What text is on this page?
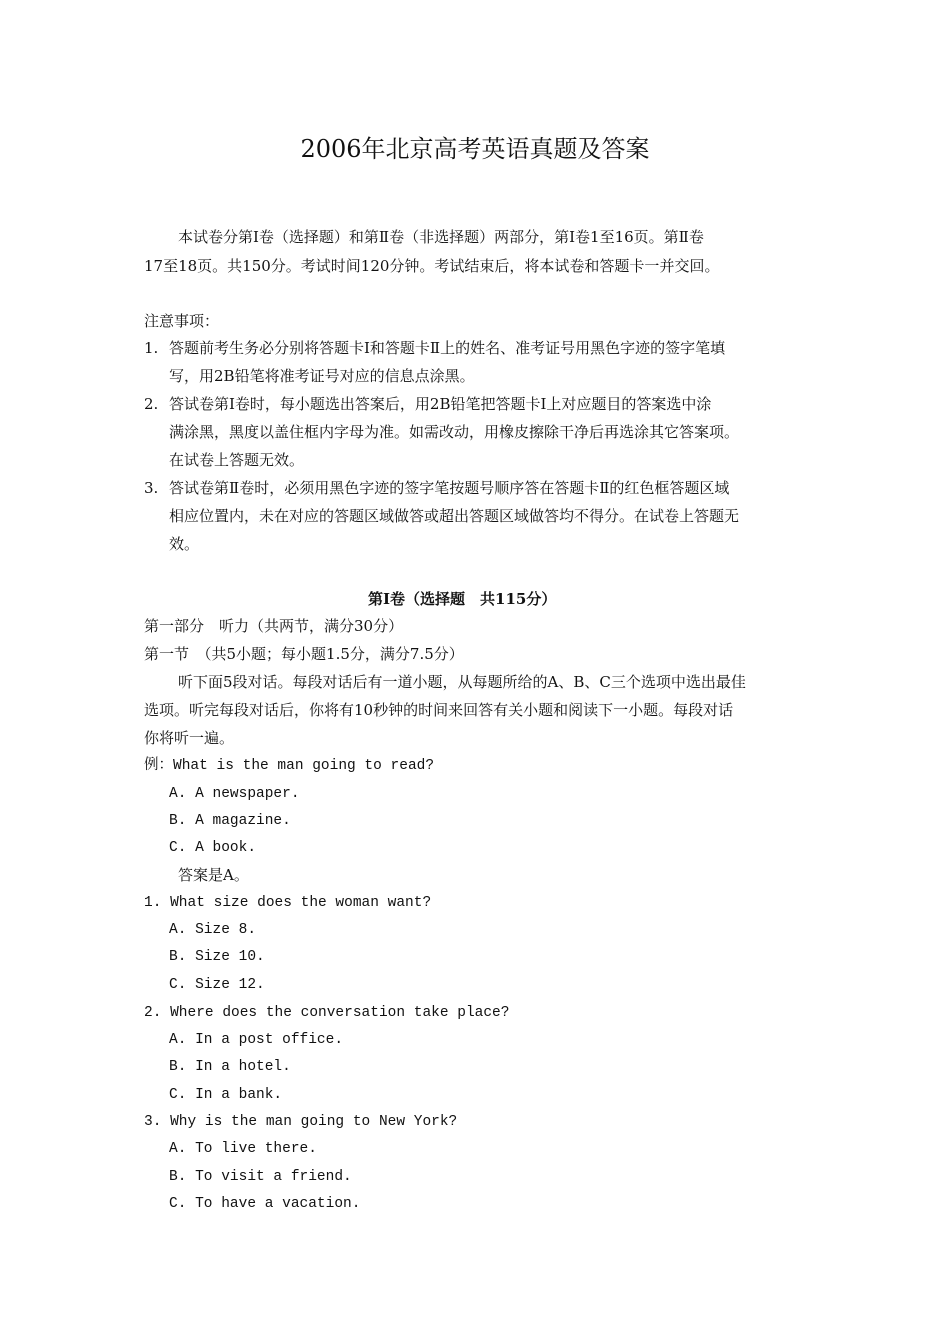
2006年北京高考英语真题及答案
本试卷分第Ⅰ卷（选择题）和第Ⅱ卷（非选择题）两部分，第Ⅰ卷1至16页。第Ⅱ卷
17至18页。共150分。考试时间120分钟。考试结束后，将本试卷和答题卡一并交回。
注意事项：
1. 答题前考生务必分别将答题卡Ⅰ和答题卡Ⅱ上的姓名、准考证号用黑色字迹的签字笔填
写，用2B铅笔将准考证号对应的信息点涂黑。
2. 答试卷第Ⅰ卷时，每小题选出答案后，用2B铅笔把答题卡Ⅰ上对应题目的答案选中涂
满涂黑，黑度以盖住框内字母为准。如需改动，用橡皮擦除干净后再选涂其它答案项。
在试卷上答题无效。
3. 答试卷第Ⅱ卷时，必须用黑色字迹的签字笔按题号顺序答在答题卡Ⅱ的红色框答题区域
相应位置内，未在对应的答题区域做答或超出答题区域做答均不得分。在试卷上答题无
效。
第Ⅰ卷（选择题　共115分）
第一部分　听力（共两节，满分30分）
第一节　（共5小题；每小题1.5分，满分7.5分）
听下面5段对话。每段对话后有一道小题，从每题所给的A、B、C三个选项中选出最佳
选项。听完每段对话后，你将有10秒钟的时间来回答有关小题和阅读下一小题。每段对话
你将听一遍。
例：What is the man going to read?
A. A newspaper.
B. A magazine.
C. A book.
答案是A。
1. What size does the woman want?
A. Size 8.
B. Size 10.
C. Size 12.
2. Where does the conversation take place?
A. In a post office.
B. In a hotel.
C. In a bank.
3. Why is the man going to New York?
A. To live there.
B. To visit a friend.
C. To have a vacation.
